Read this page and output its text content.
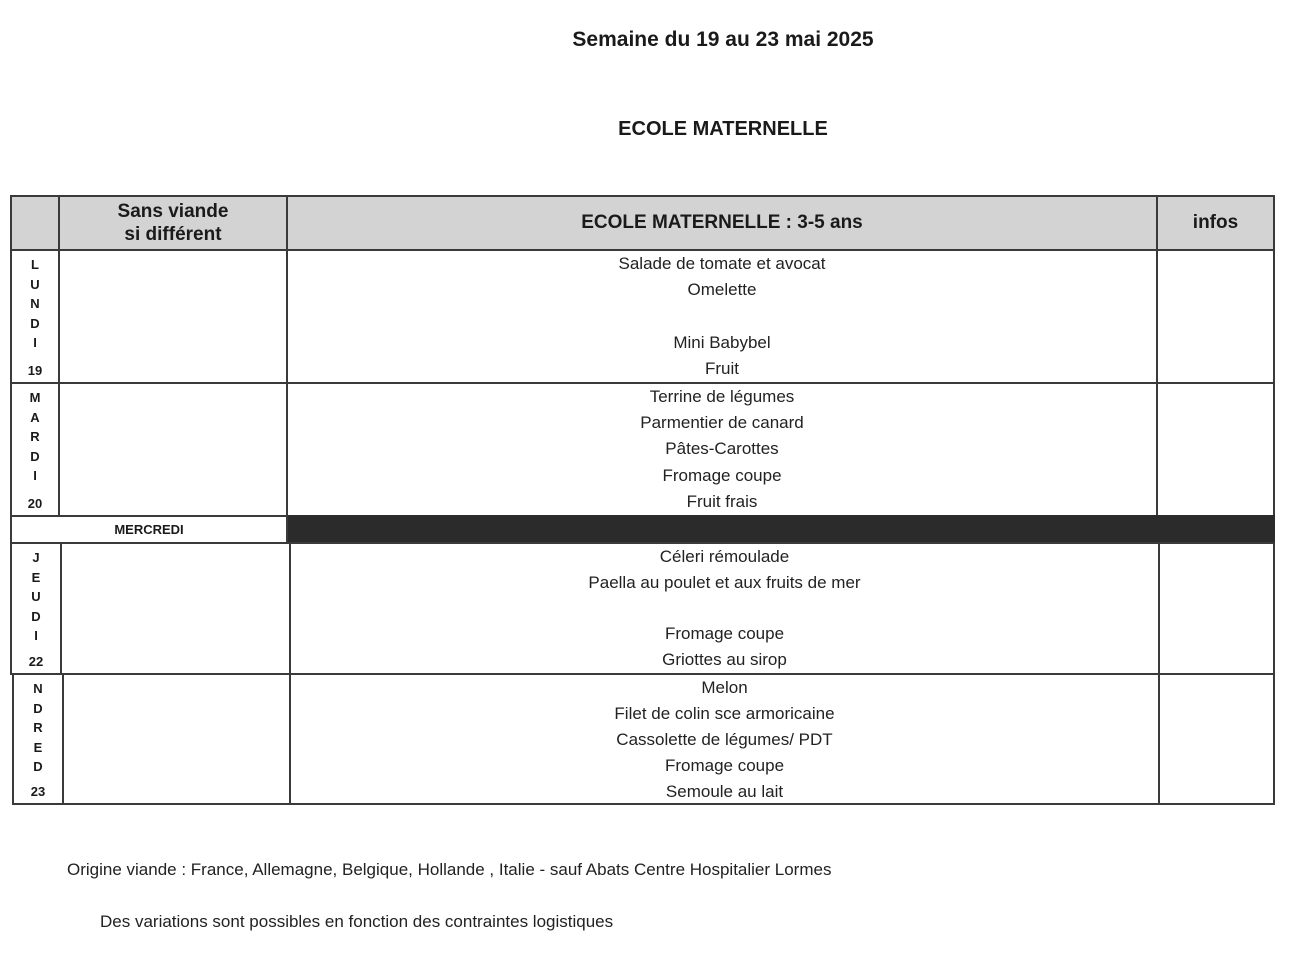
Semaine du 19 au 23 mai 2025
ECOLE MATERNELLE
Sans viande
si différent
ECOLE MATERNELLE : 3-5 ans	infos
L
U
N
D
I
19
Salade de tomate et avocat
Omelette
Mini Babybel
Fruit
M
A
R
D
I
20
Terrine de légumes
Parmentier de canard
Pâtes-Carottes
Fromage coupe
Fruit frais
MERCREDI
J
E
U
D
I
22
Céleri rémoulade
Paella au poulet et aux fruits de mer
Fromage coupe
Griottes au sirop
N
D
R
E
D
23
Melon
Filet de colin sce armoricaine
Cassolette de légumes/ PDT
Fromage coupe
Semoule au lait
Origine viande : France, Allemagne, Belgique, Hollande , Italie - sauf Abats Centre Hospitalier Lormes
Des variations sont possibles en fonction des contraintes logistiques
